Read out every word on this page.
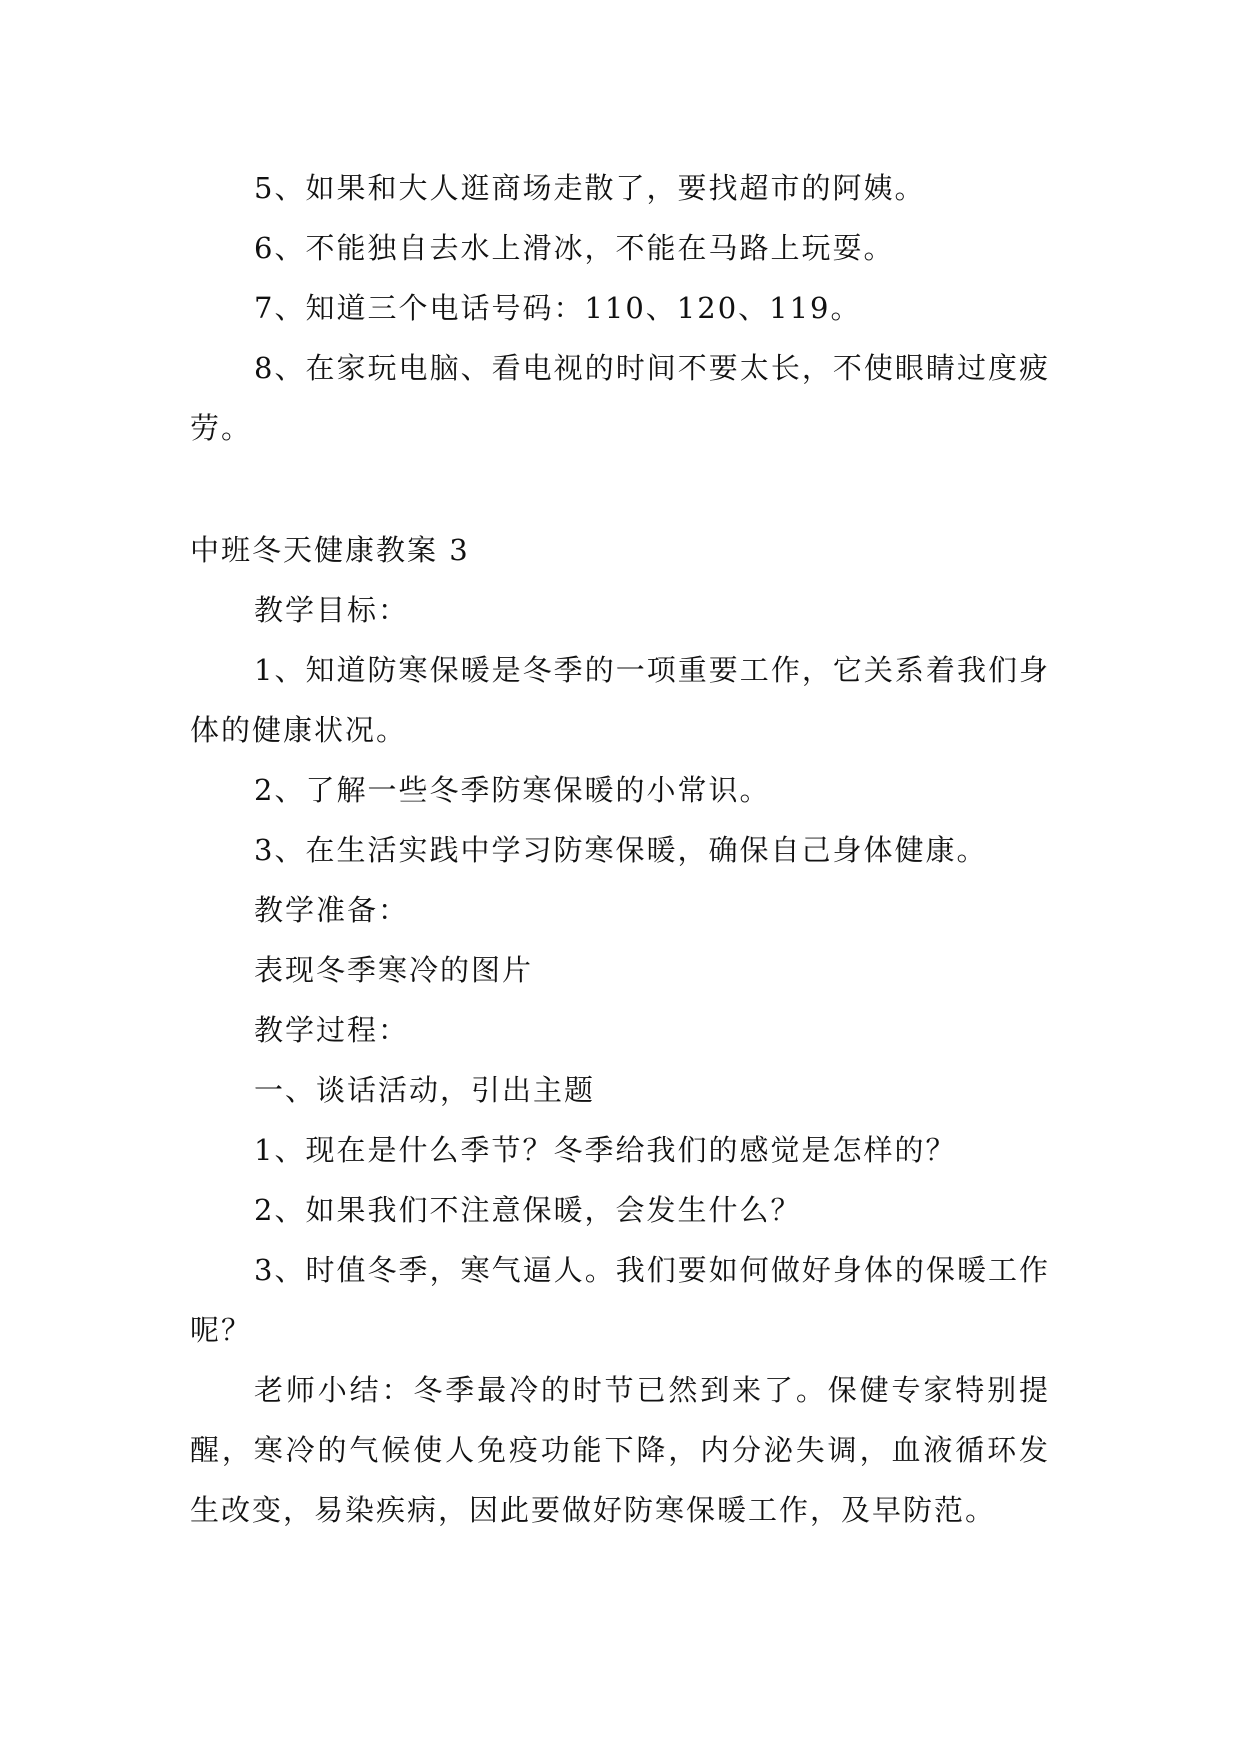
5、如果和大人逛商场走散了，要找超市的阿姨。

6、不能独自去水上滑冰，不能在马路上玩耍。

7、知道三个电话号码：110、120、119。

8、在家玩电脑、看电视的时间不要太长，不使眼睛过度疲劳。

中班冬天健康教案 3

教学目标：

1、知道防寒保暖是冬季的一项重要工作，它关系着我们身体的健康状况。

2、了解一些冬季防寒保暖的小常识。

3、在生活实践中学习防寒保暖，确保自己身体健康。

教学准备：

表现冬季寒冷的图片

教学过程：

一、谈话活动，引出主题

1、现在是什么季节？冬季给我们的感觉是怎样的？

2、如果我们不注意保暖，会发生什么？

3、时值冬季，寒气逼人。我们要如何做好身体的保暖工作呢？

老师小结：冬季最冷的时节已然到来了。保健专家特别提醒，寒冷的气候使人免疫功能下降，内分泌失调，血液循环发生改变，易染疾病，因此要做好防寒保暖工作，及早防范。
